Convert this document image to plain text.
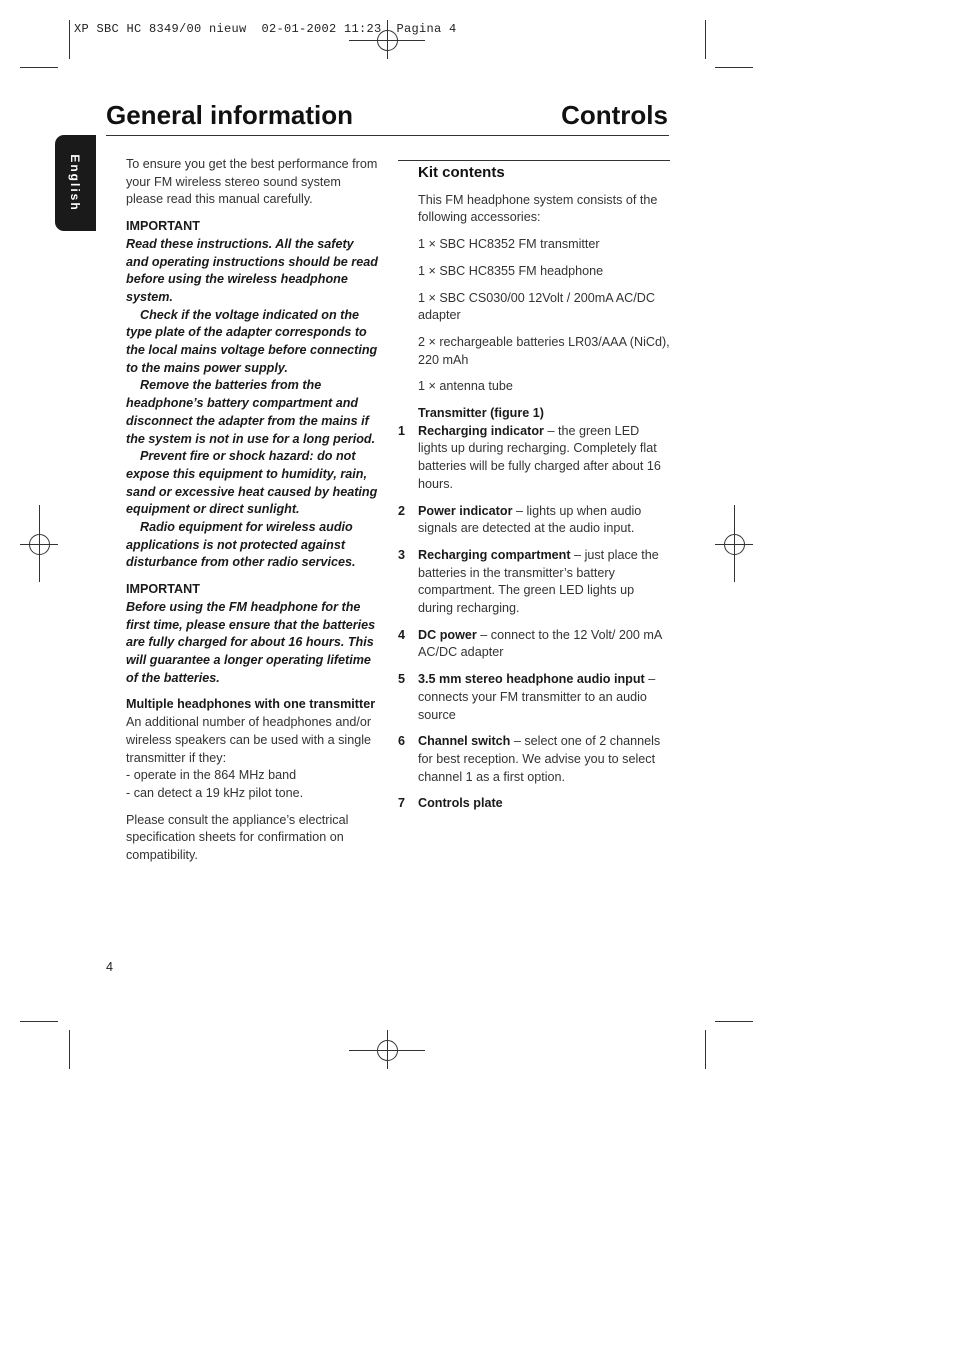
XP SBC HC 8349/00 nieuw  02-01-2002 11:23  Pagina 4
General information	Controls
English	To ensure you get the best performance from your FM wireless stereo sound system please read this manual carefully.

IMPORTANT
Read these instructions. All the safety and operating instructions should be read before using the wireless headphone system.
Check if the voltage indicated on the type plate of the adapter corresponds to the local mains voltage before connecting to the mains power supply.
Remove the batteries from the headphone’s battery compartment and disconnect the adapter from the mains if the system is not in use for a long period.
Prevent fire or shock hazard: do not expose this equipment to humidity, rain, sand or excessive heat caused by heating equipment or direct sunlight.
Radio equipment for wireless audio applications is not protected against disturbance from other radio services.
IMPORTANT
Before using the FM headphone for the first time, please ensure that the batteries are fully charged for about 16 hours. This will guarantee a longer operating lifetime of the batteries.
Multiple headphones with one transmitter
An additional number of headphones and/or wireless speakers can be used with a single transmitter if they:
- operate in the 864 MHz band
- can detect a 19 kHz pilot tone.
Please consult the appliance’s electrical specification sheets for confirmation on compatibility.
Kit contents

This FM headphone system consists of the following accessories:

1 × SBC HC8352 FM transmitter

1 × SBC HC8355 FM headphone

1 × SBC CS030/00 12Volt / 200mA AC/DC adapter

2 × rechargeable batteries LR03/AAA (NiCd), 220 mAh

1 × antenna tube

Transmitter (figure 1)
1 Recharging indicator – the green LED lights up during recharging. Completely flat batteries will be fully charged after about 16 hours.
2 Power indicator – lights up when audio signals are detected at the audio input.
3 Recharging compartment – just place the batteries in the transmitter’s battery compartment. The green LED lights up during recharging.
4 DC power – connect to the 12 Volt/ 200 mA AC/DC adapter
5 3.5 mm stereo headphone audio input – connects your FM transmitter to an audio source
6 Channel switch – select one of 2 channels for best reception. We advise you to select channel 1 as a first option.
7 Controls plate
4
